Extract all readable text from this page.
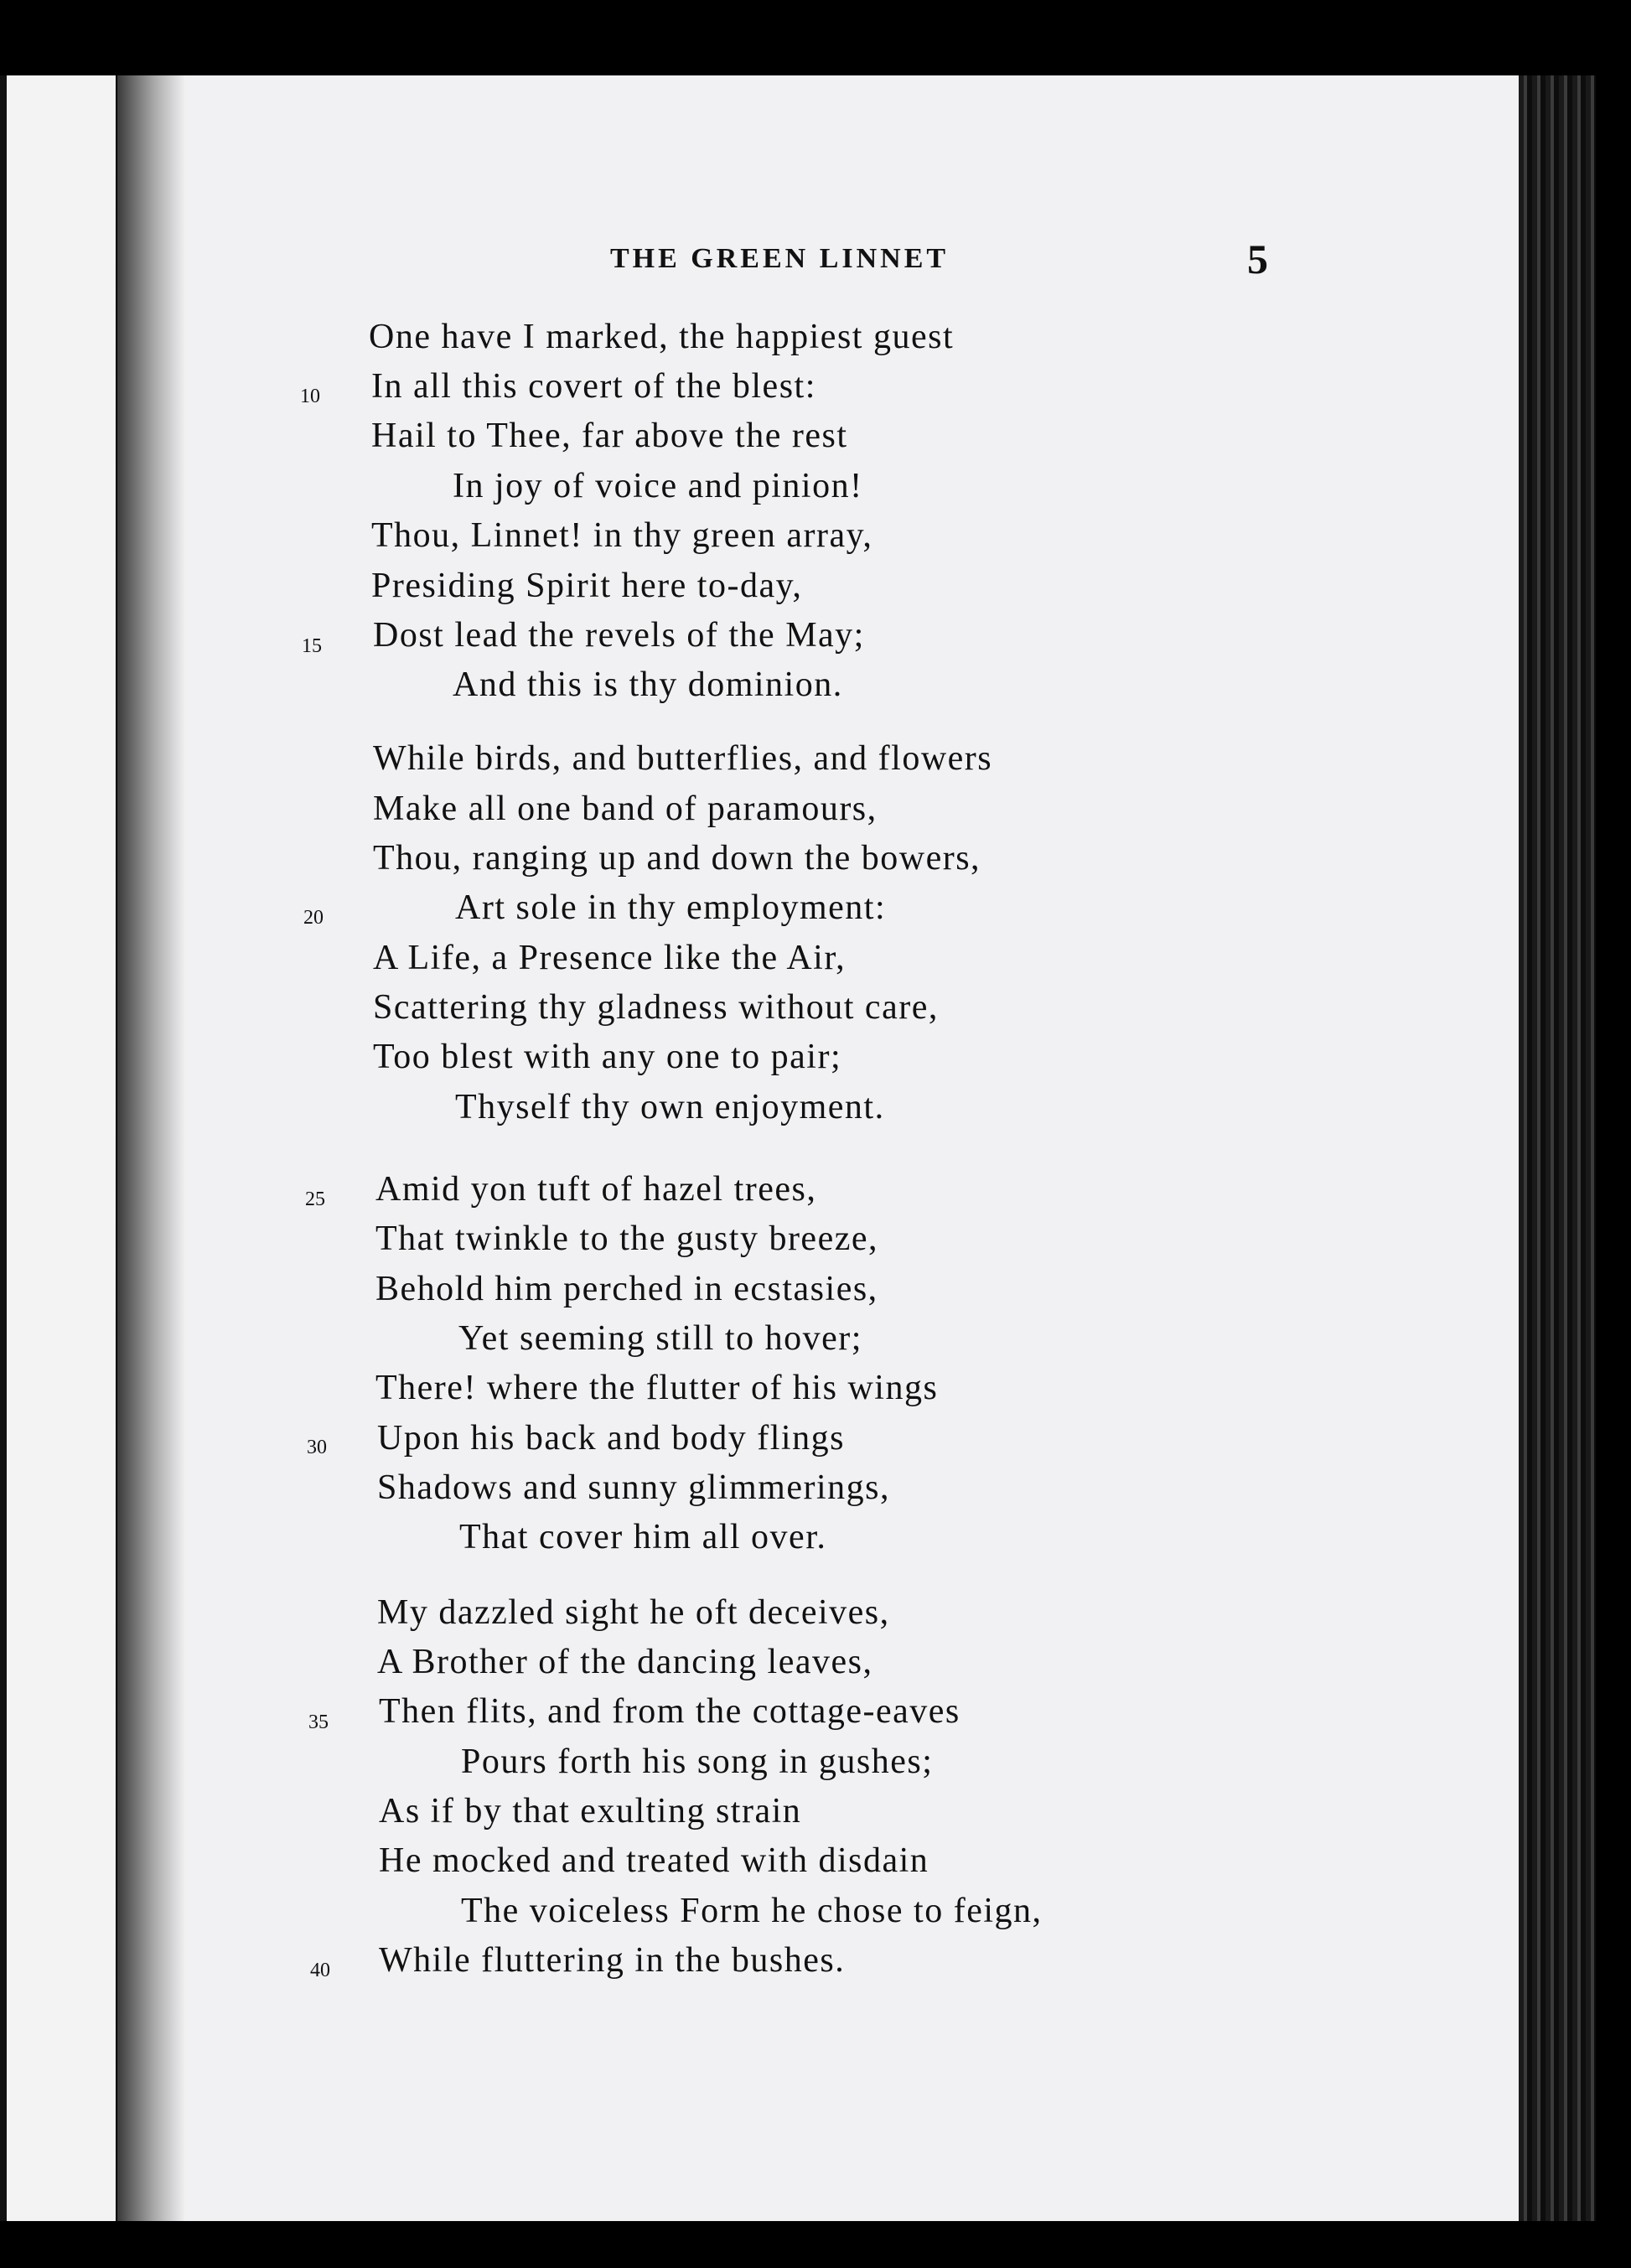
THE GREEN LINNET	5
One have I marked, the happiest guest
In all this covert of the blest:
Hail to Thee, far above the rest
In joy of voice and pinion!
Thou, Linnet! in thy green array,
Presiding Spirit here to-day,
Dost lead the revels of the May;
And this is thy dominion.
While birds, and butterflies, and flowers
Make all one band of paramours,
Thou, ranging up and down the bowers,
Art sole in thy employment:
A Life, a Presence like the Air,
Scattering thy gladness without care,
Too blest with any one to pair;
Thyself thy own enjoyment.
Amid yon tuft of hazel trees,
That twinkle to the gusty breeze,
Behold him perched in ecstasies,
Yet seeming still to hover;
There! where the flutter of his wings
Upon his back and body flings
Shadows and sunny glimmerings,
That cover him all over.
My dazzled sight he oft deceives,
A Brother of the dancing leaves,
Then flits, and from the cottage-eaves
Pours forth his song in gushes;
As if by that exulting strain
He mocked and treated with disdain
The voiceless Form he chose to feign,
While fluttering in the bushes.
10
15
20
25
30
35
40
